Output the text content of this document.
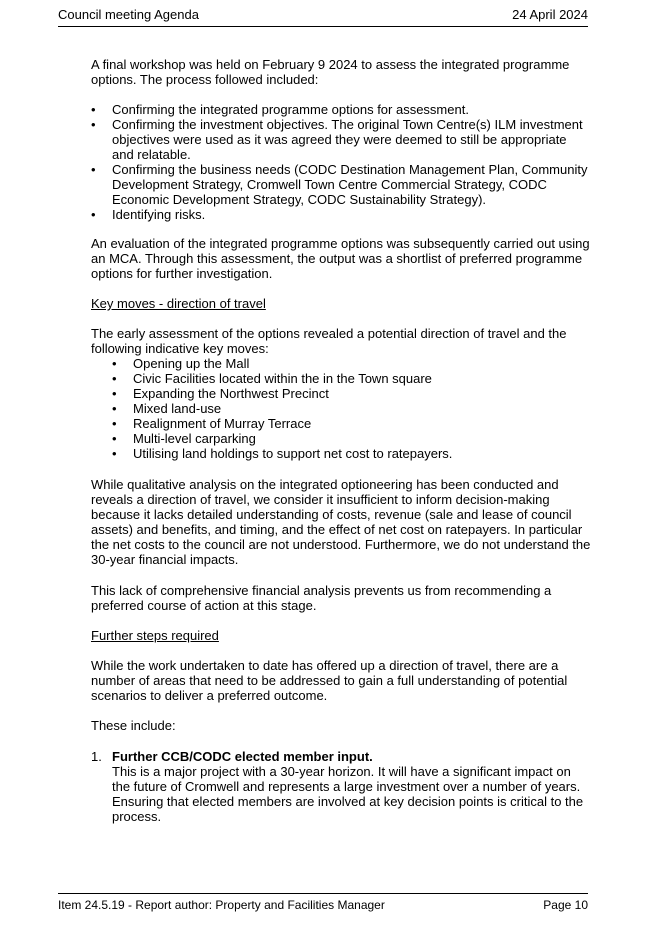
Council meeting Agenda	24 April 2024

A final workshop was held on February 9 2024 to assess the integrated programme options. The process followed included:

• Confirming the integrated programme options for assessment.
• Confirming the investment objectives. The original Town Centre(s) ILM investment objectives were used as it was agreed they were deemed to still be appropriate and relatable.
• Confirming the business needs (CODC Destination Management Plan, Community Development Strategy, Cromwell Town Centre Commercial Strategy, CODC Economic Development Strategy, CODC Sustainability Strategy).
• Identifying risks.

An evaluation of the integrated programme options was subsequently carried out using an MCA. Through this assessment, the output was a shortlist of preferred programme options for further investigation.

Key moves - direction of travel

The early assessment of the options revealed a potential direction of travel and the following indicative key moves:

• Opening up the Mall
• Civic Facilities located within the in the Town square
• Expanding the Northwest Precinct
• Mixed land-use
• Realignment of Murray Terrace
• Multi-level carparking
• Utilising land holdings to support net cost to ratepayers.

While qualitative analysis on the integrated optioneering has been conducted and reveals a direction of travel, we consider it insufficient to inform decision-making because it lacks detailed understanding of costs, revenue (sale and lease of council assets) and benefits, and timing, and the effect of net cost on ratepayers. In particular the net costs to the council are not understood. Furthermore, we do not understand the 30-year financial impacts.

This lack of comprehensive financial analysis prevents us from recommending a preferred course of action at this stage.

Further steps required

While the work undertaken to date has offered up a direction of travel, there are a number of areas that need to be addressed to gain a full understanding of potential scenarios to deliver a preferred outcome.

These include:

1. Further CCB/CODC elected member input.
This is a major project with a 30-year horizon. It will have a significant impact on the future of Cromwell and represents a large investment over a number of years. Ensuring that elected members are involved at key decision points is critical to the process.
Item 24.5.19 - Report author: Property and Facilities Manager	Page 10
